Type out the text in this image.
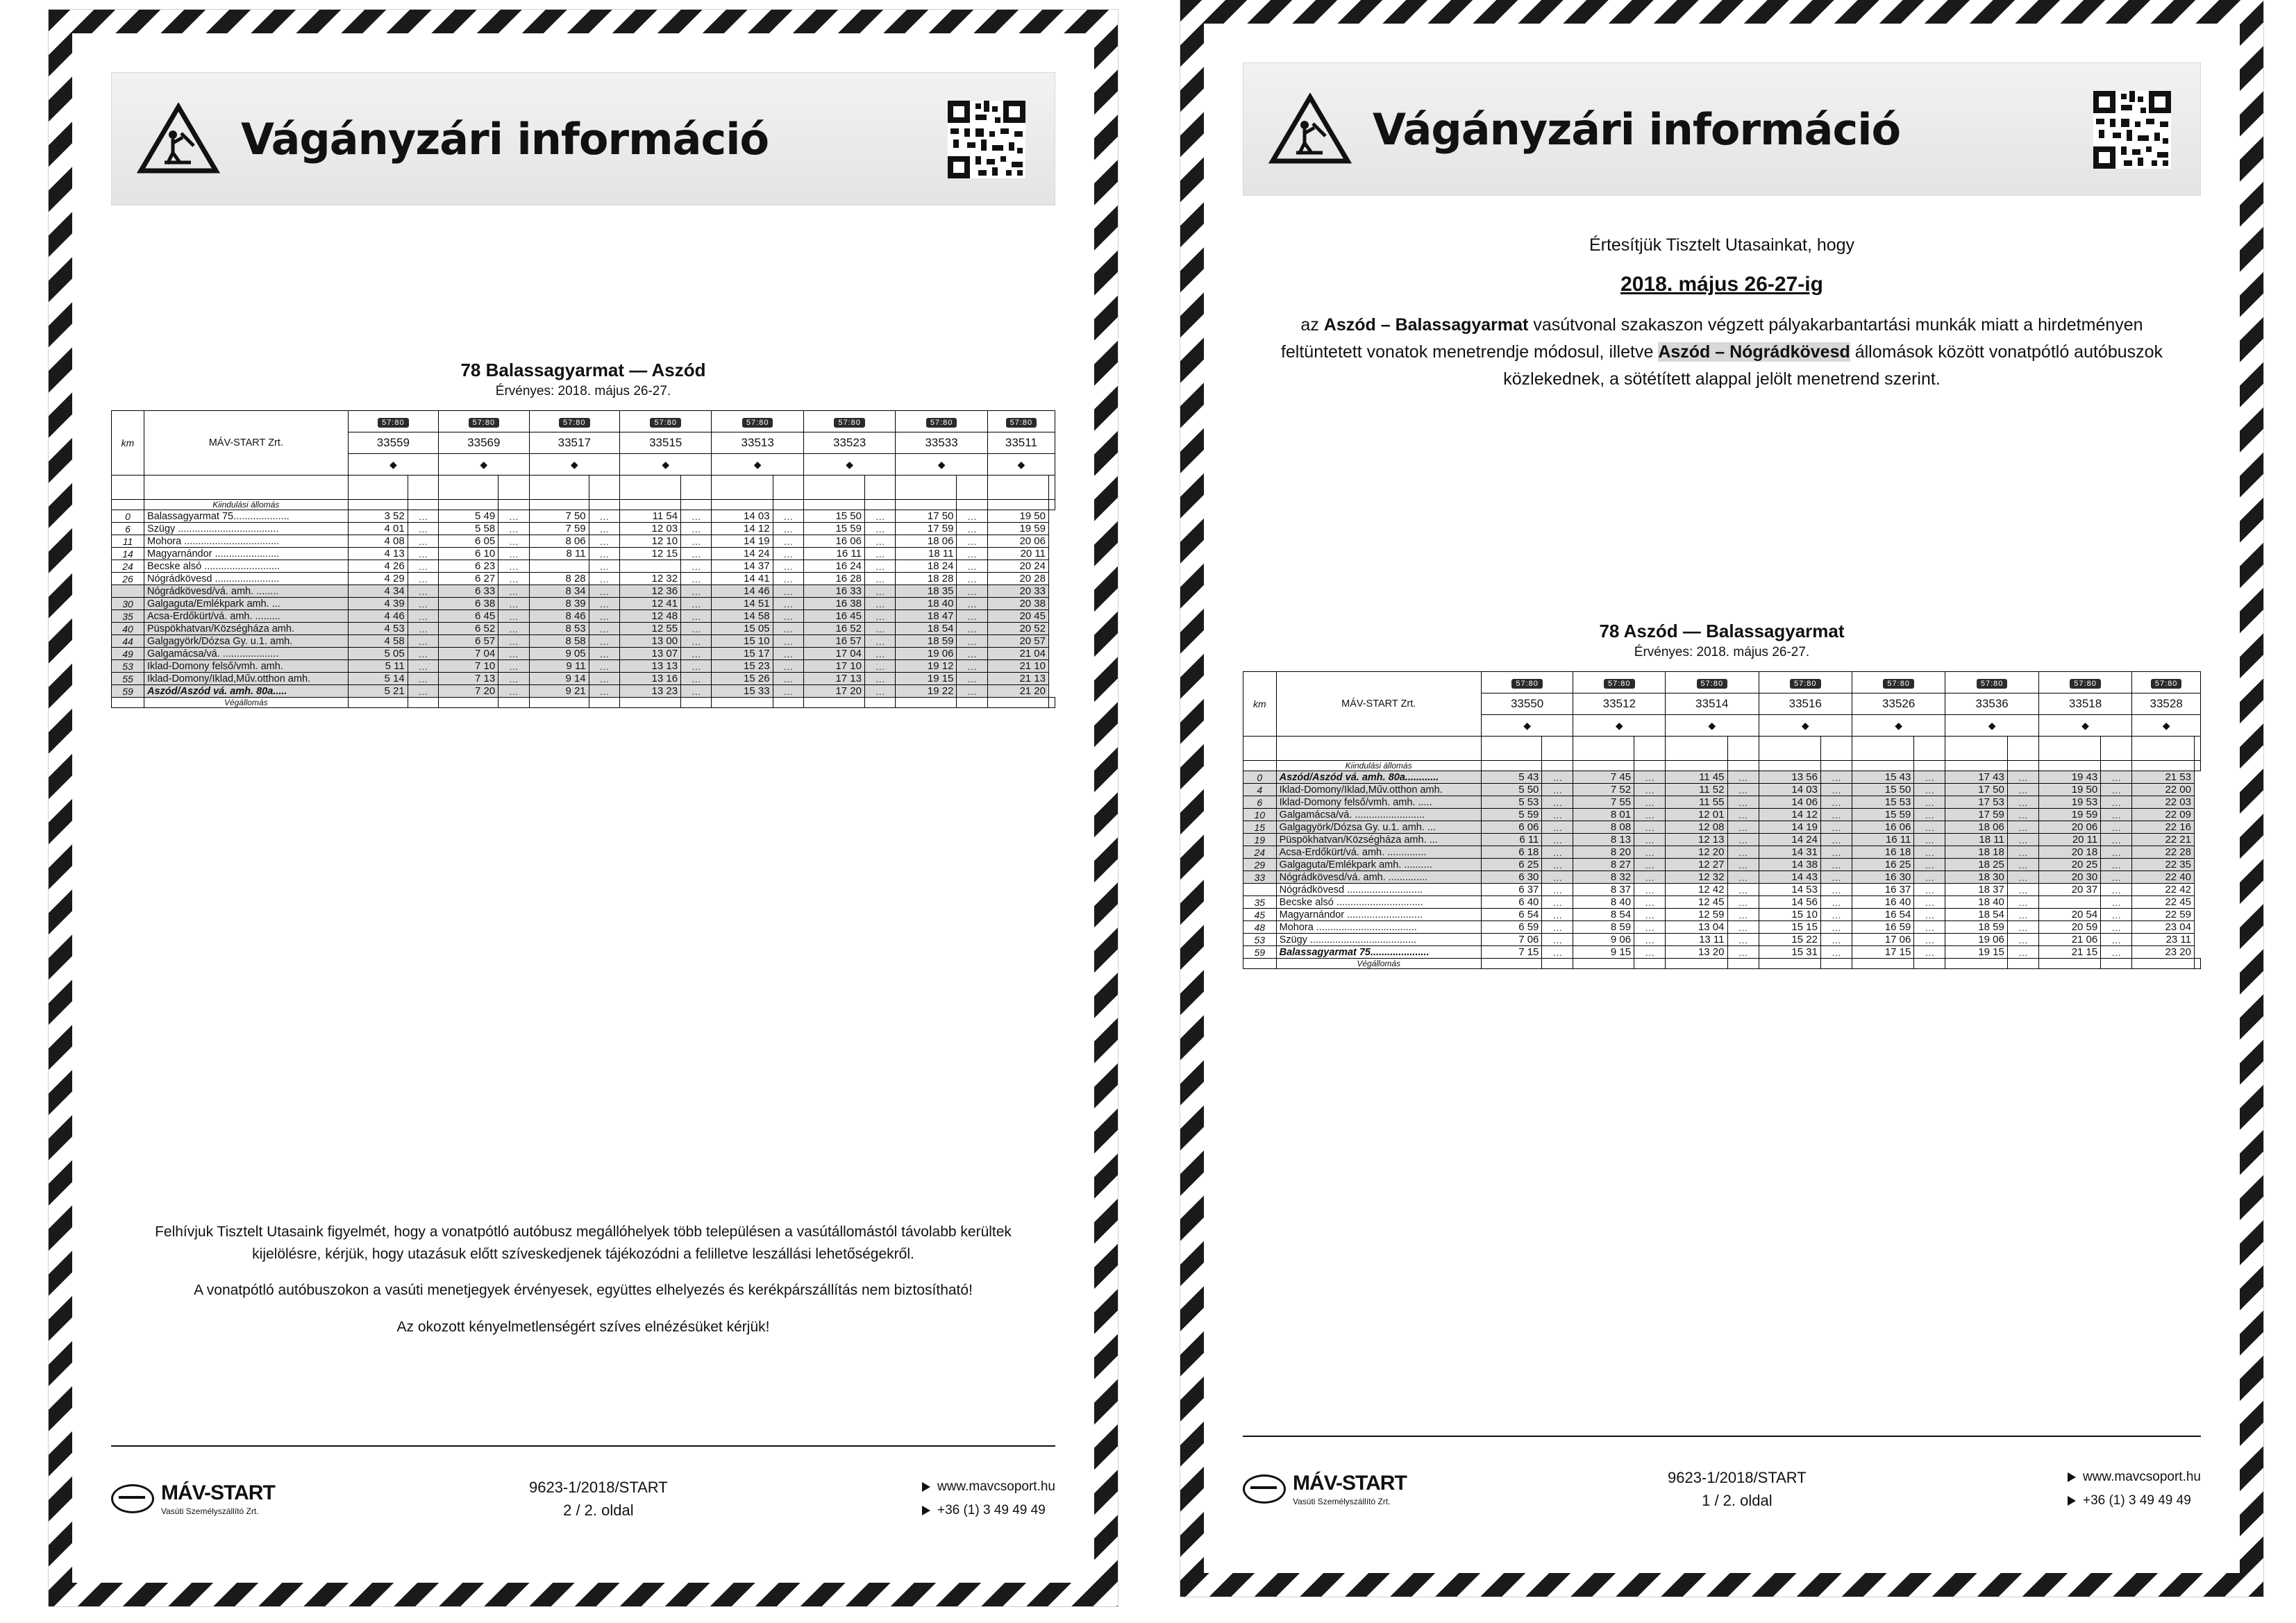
Vágányzári információ

78 Balassagyarmat — Aszód

Érvényes: 2018. május 26-27.

km	MÁV-START Zrt.	57:80		57:80		57:80		57:80		57:80		57:80		57:80		57:80	
		33559		33569		33517		33515		33513		33523		33533		33511	
		◆		◆		◆		◆		◆		◆		◆		◆	

	Kiindulási állomás																
0	Balassagyarmat 75....................	3 52	…	5 49	…	7 50	…	11 54	…	14 03	…	15 50	…	17 50	…	19 50	
6	Szügy ....................................	4 01	…	5 58	…	7 59	…	12 03	…	14 12	…	15 59	…	17 59	…	19 59	
11	Mohora ..................................	4 08	…	6 05	…	8 06	…	12 10	…	14 19	…	16 06	…	18 06	…	20 06	
14	Magyarnándor .......................	4 13	…	6 10	…	8 11	…	12 15	…	14 24	…	16 11	…	18 11	…	20 11	
24	Becske alsó ...........................	4 26	…	6 23	…		…		…	14 37	…	16 24	…	18 24	…	20 24	
26	Nógrádkövesd .......................	4 29	…	6 27	…	8 28	…	12 32	…	14 41	…	16 28	…	18 28	…	20 28	
	Nógrádkövesd/vá. amh. ........	4 34	…	6 33	…	8 34	…	12 36	…	14 46	…	16 33	…	18 35	…	20 33	
30	Galgaguta/Emlékpark amh. ...	4 39	…	6 38	…	8 39	…	12 41	…	14 51	…	16 38	…	18 40	…	20 38	
35	Acsa-Erdőkürt/vá. amh. .........	4 46	…	6 45	…	8 46	…	12 48	…	14 58	…	16 45	…	18 47	…	20 45	
40	Püspökhatvan/Községháza amh.	4 53	…	6 52	…	8 53	…	12 55	…	15 05	…	16 52	…	18 54	…	20 52	
44	Galgagyörk/Dózsa Gy. u.1. amh.	4 58	…	6 57	…	8 58	…	13 00	…	15 10	…	16 57	…	18 59	…	20 57	
49	Galgamácsa/vá. ....................	5 05	…	7 04	…	9 05	…	13 07	…	15 17	…	17 04	…	19 06	…	21 04	
53	Iklad-Domony felső/vmh. amh.	5 11	…	7 10	…	9 11	…	13 13	…	15 23	…	17 10	…	19 12	…	21 10	
55	Iklad-Domony/Iklad,Műv.otthon amh.	5 14	…	7 13	…	9 14	…	13 16	…	15 26	…	17 13	…	19 15	…	21 13	
59	Aszód/Aszód vá. amh. 80a.....	5 21	…	7 20	…	9 21	…	13 23	…	15 33	…	17 20	…	19 22	…	21 20	
	Végállomás																

Felhívjuk Tisztelt Utasaink figyelmét, hogy a vonatpótló autóbusz megállóhelyek több településen a vasútállomástól távolabb kerültek kijelölésre, kérjük, hogy utazásuk előtt szíveskedjenek tájékozódni a felilletve leszállási lehetőségekről.

A vonatpótló autóbuszokon a vasúti menetjegyek érvényesek, együttes elhelyezés és kerékpárszállítás nem biztosítható!

Az okozott kényelmetlenségért szíves elnézésüket kérjük!

MÁV-START
Vasúti Személyszállító Zrt.
9623-1/2018/START
2 / 2. oldal
www.mavcsoport.hu
+36 (1) 3 49 49 49
Vágányzári információ
Értesítjük Tisztelt Utasainkat, hogy
2018. május 26-27-ig
az Aszód – Balassagyarmat vasútvonal szakaszon végzett pályakarbantartási munkák miatt a hirdetményen feltüntetett vonatok menetrendje módosul, illetve Aszód – Nógrádkövesd állomások között vonatpótló autóbuszok közlekednek, a sötétített alappal jelölt menetrend szerint.

78 Aszód — Balassagyarmat

Érvényes: 2018. május 26-27.

km	MÁV-START Zrt.	57:80		57:80		57:80		57:80		57:80		57:80		57:80		57:80	
		33550		33512		33514		33516		33526		33536		33518		33528	
		◆		◆		◆		◆		◆		◆		◆		◆	

	Kiindulási állomás																
0	Aszód/Aszód vá. amh. 80a............	5 43	…	7 45	…	11 45	…	13 56	…	15 43	…	17 43	…	19 43	…	21 53	
4	Iklad-Domony/Iklad,Műv.otthon amh.	5 50	…	7 52	…	11 52	…	14 03	…	15 50	…	17 50	…	19 50	…	22 00	
6	Iklad-Domony felső/vmh. amh. .....	5 53	…	7 55	…	11 55	…	14 06	…	15 53	…	17 53	…	19 53	…	22 03	
10	Galgamácsa/vá. .........................	5 59	…	8 01	…	12 01	…	14 12	…	15 59	…	17 59	…	19 59	…	22 09	
15	Galgagyörk/Dózsa Gy. u.1. amh. ...	6 06	…	8 08	…	12 08	…	14 19	…	16 06	…	18 06	…	20 06	…	22 16	
19	Püspökhatvan/Községháza amh. ...	6 11	…	8 13	…	12 13	…	14 24	…	16 11	…	18 11	…	20 11	…	22 21	
24	Acsa-Erdőkürt/vá. amh. ..............	6 18	…	8 20	…	12 20	…	14 31	…	16 18	…	18 18	…	20 18	…	22 28	
29	Galgaguta/Emlékpark amh. ..........	6 25	…	8 27	…	12 27	…	14 38	…	16 25	…	18 25	…	20 25	…	22 35	
33	Nógrádkövesd/vá. amh. ..............	6 30	…	8 32	…	12 32	…	14 43	…	16 30	…	18 30	…	20 30	…	22 40	
	Nógrádkövesd ...........................	6 37	…	8 37	…	12 42	…	14 53	…	16 37	…	18 37	…	20 37	…	22 42	
35	Becske alsó ...............................	6 40	…	8 40	…	12 45	…	14 56	…	16 40	…	18 40	…		…	22 45	
45	Magyarnándor ...........................	6 54	…	8 54	…	12 59	…	15 10	…	16 54	…	18 54	…	20 54	…	22 59	
48	Mohora ....................................	6 59	…	8 59	…	13 04	…	15 15	…	16 59	…	18 59	…	20 59	…	23 04	
53	Szügy ......................................	7 06	…	9 06	…	13 11	…	15 22	…	17 06	…	19 06	…	21 06	…	23 11	
59	Balassagyarmat 75.....................	7 15	…	9 15	…	13 20	…	15 31	…	17 15	…	19 15	…	21 15	…	23 20	
	Végállomás																
MÁV-START
Vasúti Személyszállító Zrt.
9623-1/2018/START
1 / 2. oldal
www.mavcsoport.hu
+36 (1) 3 49 49 49
